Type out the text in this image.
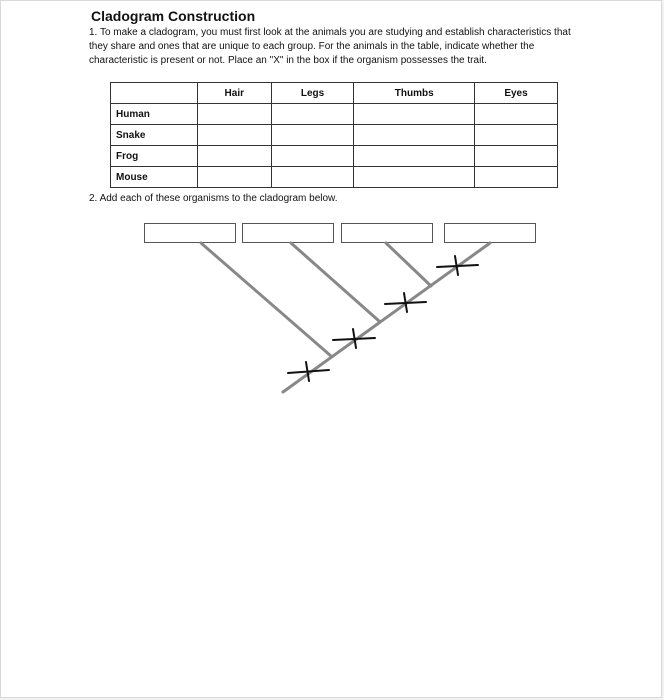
Cladogram Construction

1. To make a cladogram, you must first look at the animals you are studying and establish characteristics that they share and ones that are unique to each group. For the animals in the table, indicate whether the characteristic is present or not. Place an "X" in the box if the organism possesses the trait.

	Hair	Legs	Thumbs	Eyes
Human				
Snake				
Frog				
Mouse				

2. Add each of these organisms to the cladogram below.
